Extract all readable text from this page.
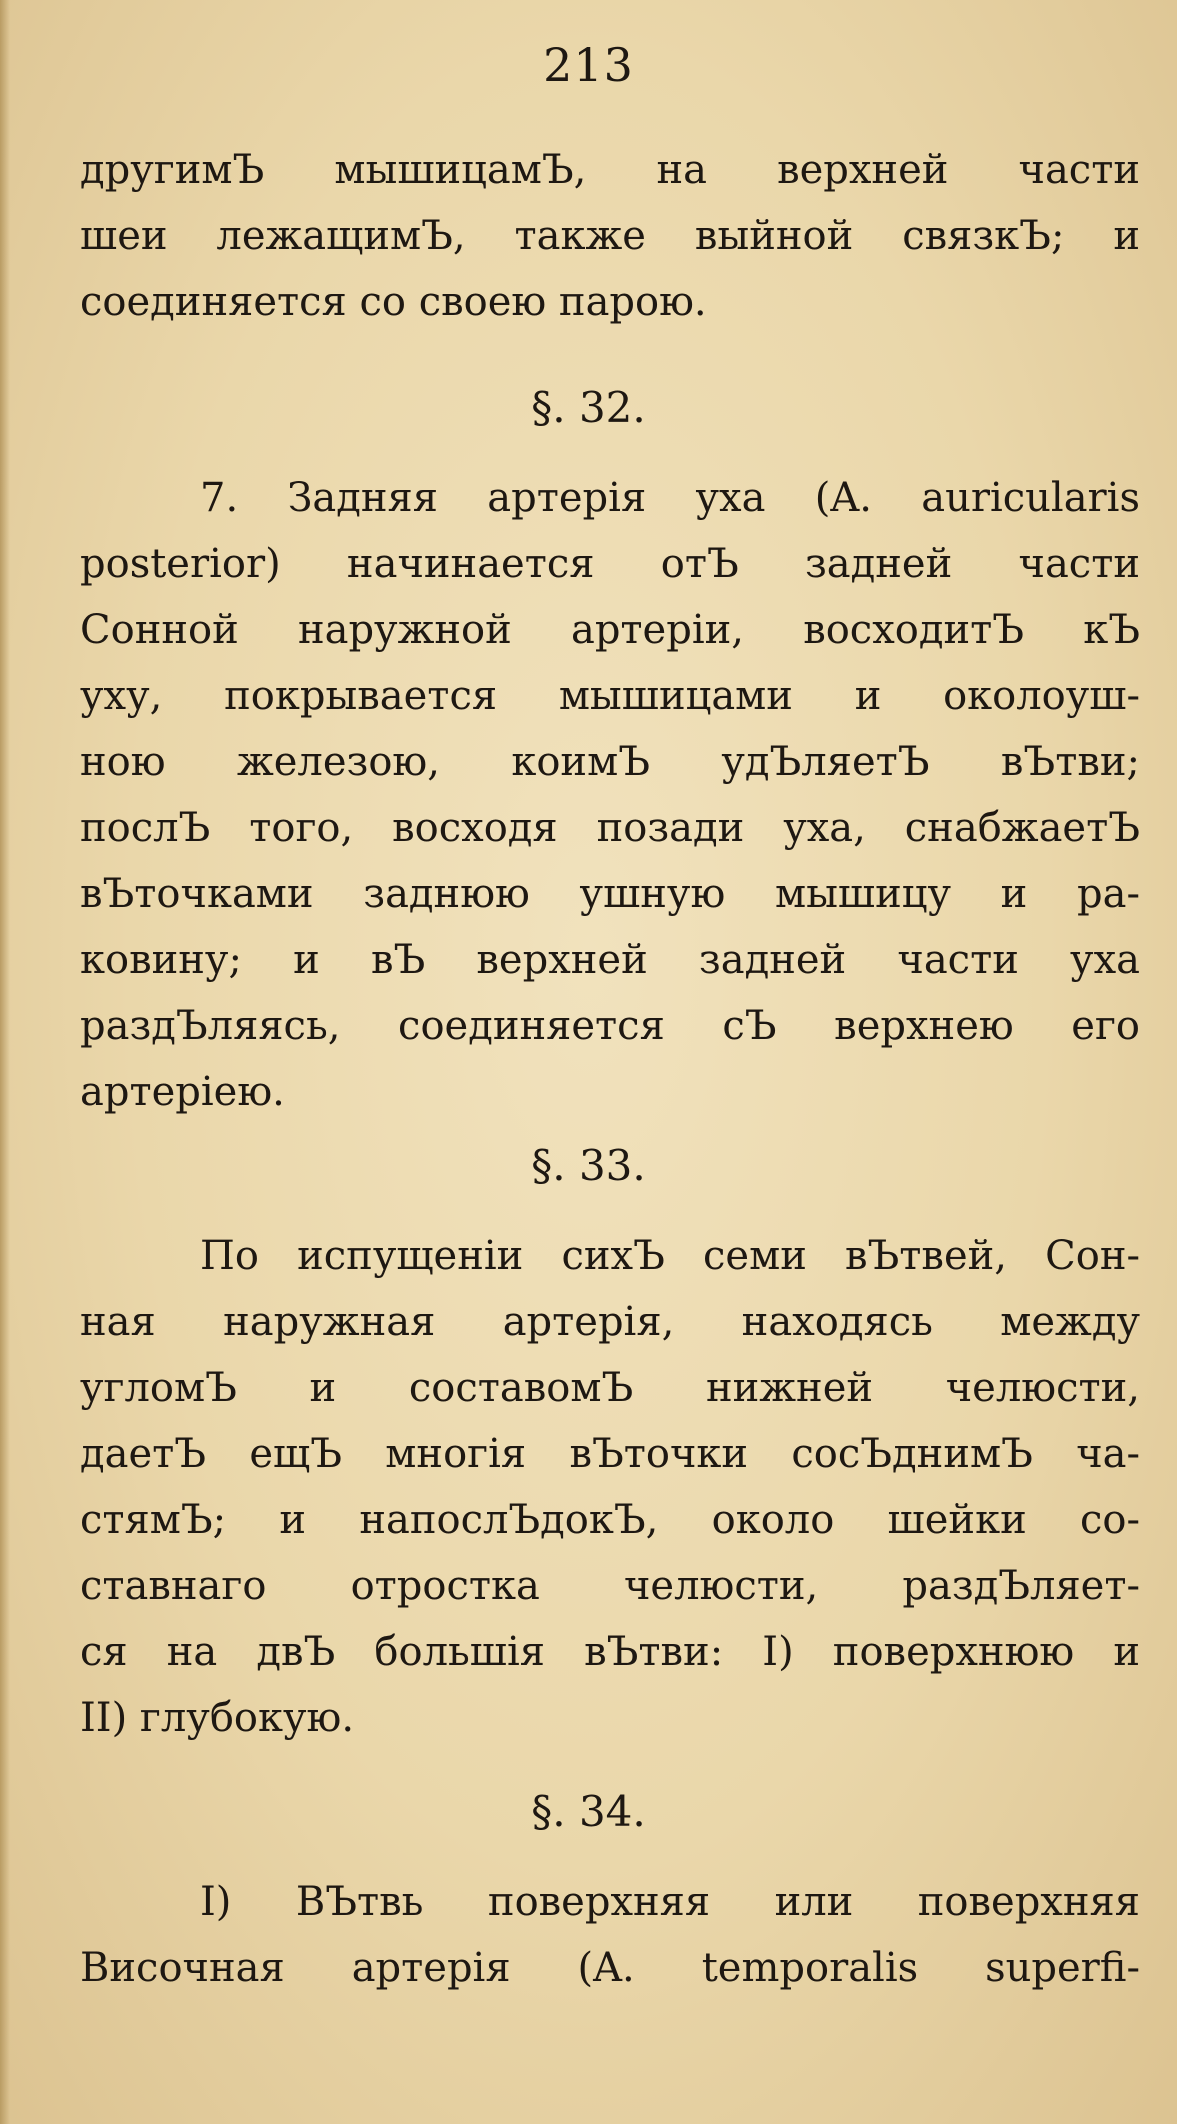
213
другимЪ мышицамЪ, на верхней части
шеи лежащимЪ, также выйной связкЪ; и
соединяется со своею парою.
§. 32.
7. Задняя артерія уха (A. auricularis
posterior) начинается отЪ задней части
Сонной наружной артеріи, восходитЪ кЪ
уху, покрывается мышицами и околоуш-
ною железою, коимЪ удЪляетЪ вЪтви;
послЪ того, восходя позади уха, снабжаетЪ
вЪточками заднюю ушную мышицу и ра-
ковину; и вЪ верхней задней части уха
раздЪляясь, соединяется сЪ верхнею его
артеріею.
§. 33.
По испущеніи сихЪ семи вЪтвей, Сон-
ная наружная артерія, находясь между
угломЪ и составомЪ нижней челюсти,
даетЪ ещЪ многія вЪточки сосЪднимЪ ча-
стямЪ; и напослЪдокЪ, около шейки со-
ставнаго отростка челюсти, раздЪляет-
ся на двЪ большія вЪтви: I) поверхнюю и
II) глубокую.
§. 34.
I) ВЪтвь поверхняя или поверхняя
Височная артерія (A. temporalis superfi-
